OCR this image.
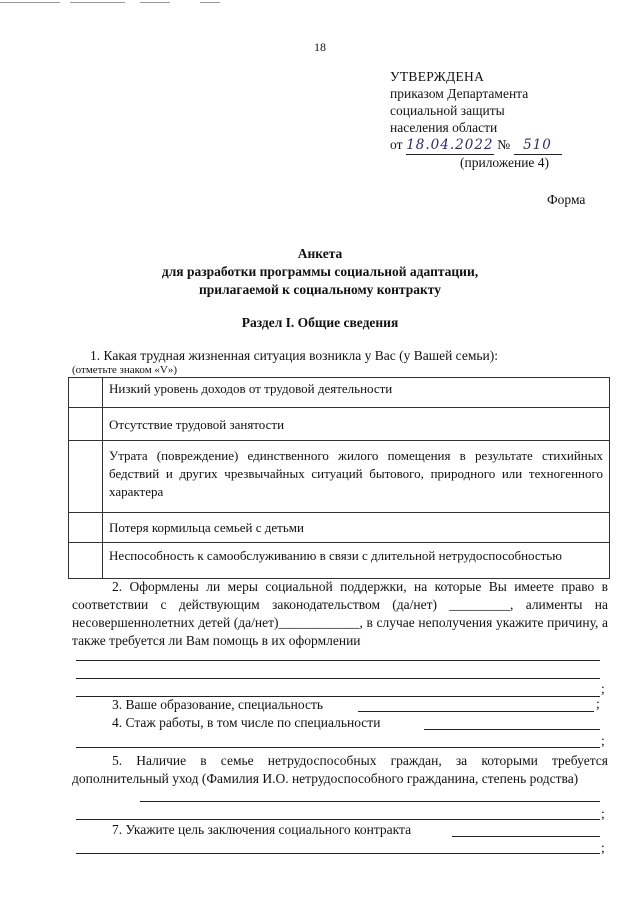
18
УТВЕРЖДЕНА
приказом Департамента
социальной защиты
населения области
от 18.04.2022 № 510
(приложение 4)
Форма
Анкета
для разработки программы социальной адаптации,
прилагаемой к социальному контракту
Раздел I. Общие сведения
1. Какая трудная жизненная ситуация возникла у Вас (у Вашей семьи):
(отметьте знаком «V»)
	Низкий уровень доходов от трудовой деятельности
	Отсутствие трудовой занятости
	Утрата (повреждение) единственного жилого помещения в результате стихийных бедствий и других чрезвычайных ситуаций бытового, природного или техногенного характера
	Потеря кормильца семьей с детьми
	Неспособность к самообслуживанию в связи с длительной нетрудоспособностью
2. Оформлены ли меры социальной поддержки, на которые Вы имеете право в соответствии с действующим законодательством (да/нет) _________, алименты на несовершеннолетних детей (да/нет)____________, в случае неполучения укажите причину, а также требуется ли Вам помощь в их оформлении
;
3. Ваше образование, специальность	;
4. Стаж работы, в том числе по специальности
;
5. Наличие в семье нетрудоспособных граждан, за которыми требуется дополнительный уход (Фамилия И.О. нетрудоспособного гражданина, степень родства)
;
7. Укажите цель заключения социального контракта
;
